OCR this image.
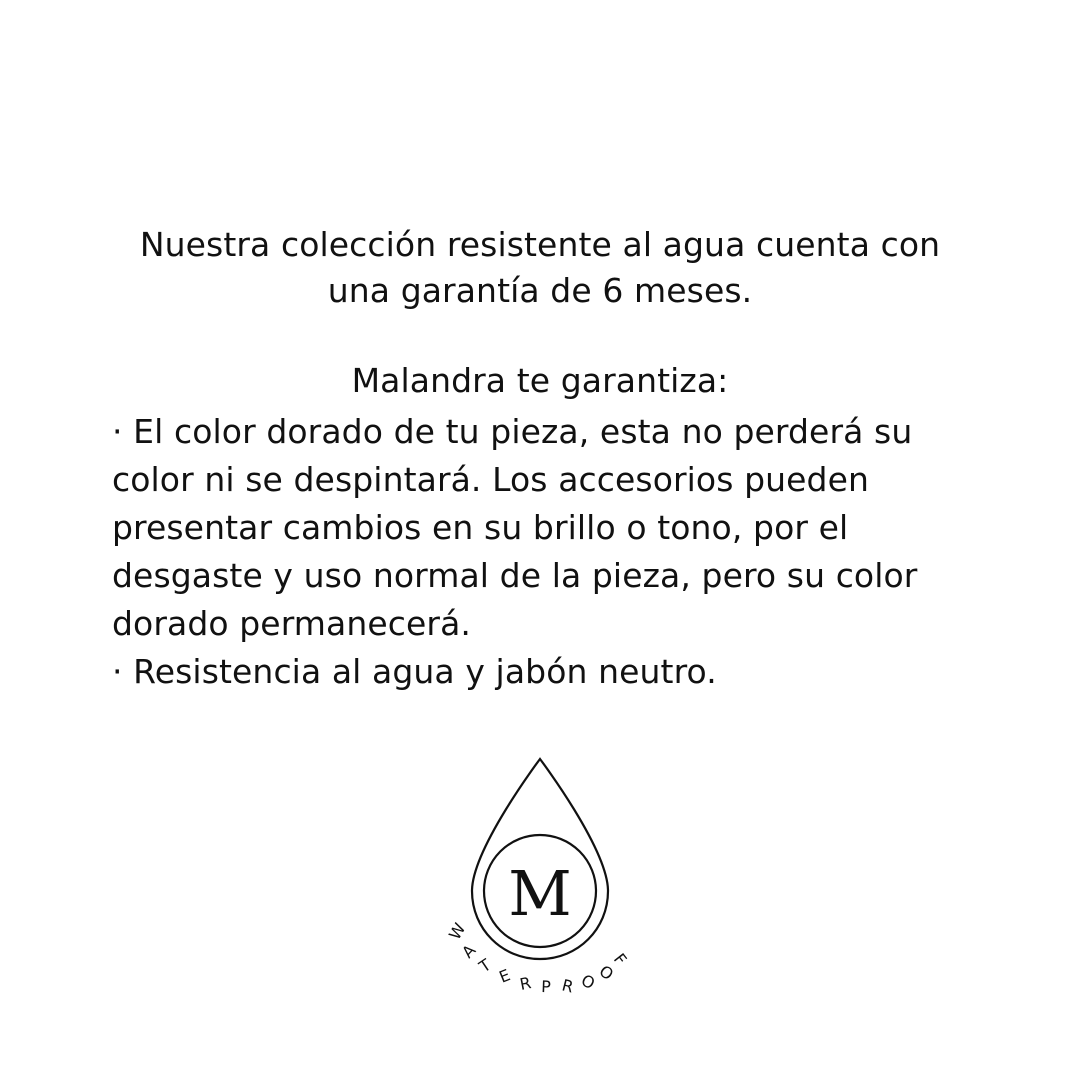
Nuestra colección resistente al agua cuenta con una garantía de 6 meses.

Malandra te garantiza:

· El color dorado de tu pieza, esta no perderá su color ni se despintará. Los accesorios pueden presentar cambios en su brillo o tono, por el desgaste y uso normal de la pieza, pero su color dorado permanecerá.
· Resistencia al agua y jabón neutro.
M
W
A
T E R P R O
O
F
